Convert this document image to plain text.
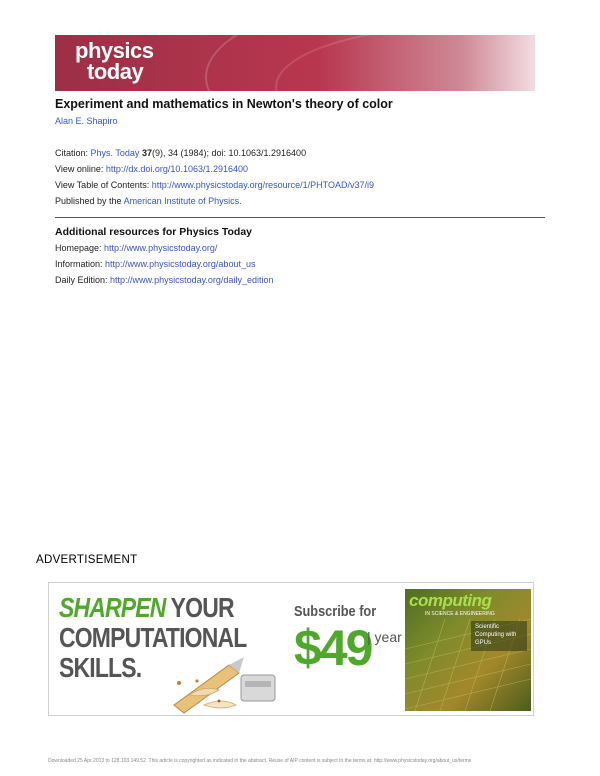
physics
today
Experiment and mathematics in Newton's theory of color
Alan E. Shapiro
Citation: Phys. Today 37(9), 34 (1984); doi: 10.1063/1.2916400
View online: http://dx.doi.org/10.1063/1.2916400
View Table of Contents: http://www.physicstoday.org/resource/1/PHTOAD/v37/i9
Published by the American Institute of Physics.
Additional resources for Physics Today
Homepage: http://www.physicstoday.org/
Information: http://www.physicstoday.org/about_us
Daily Edition: http://www.physicstoday.org/daily_edition
ADVERTISEMENT
SHARPEN YOUR
COMPUTATIONAL
SKILLS.
Subscribe for
$49
| year
computing
IN SCIENCE & ENGINEERING
Scientific Computing with GPUs
Downloaded 25 Apr 2013 to 128.103.149.52. This article is copyrighted as indicated in the abstract. Reuse of AIP content is subject to the terms at: http://www.physicstoday.org/about_us/terms
